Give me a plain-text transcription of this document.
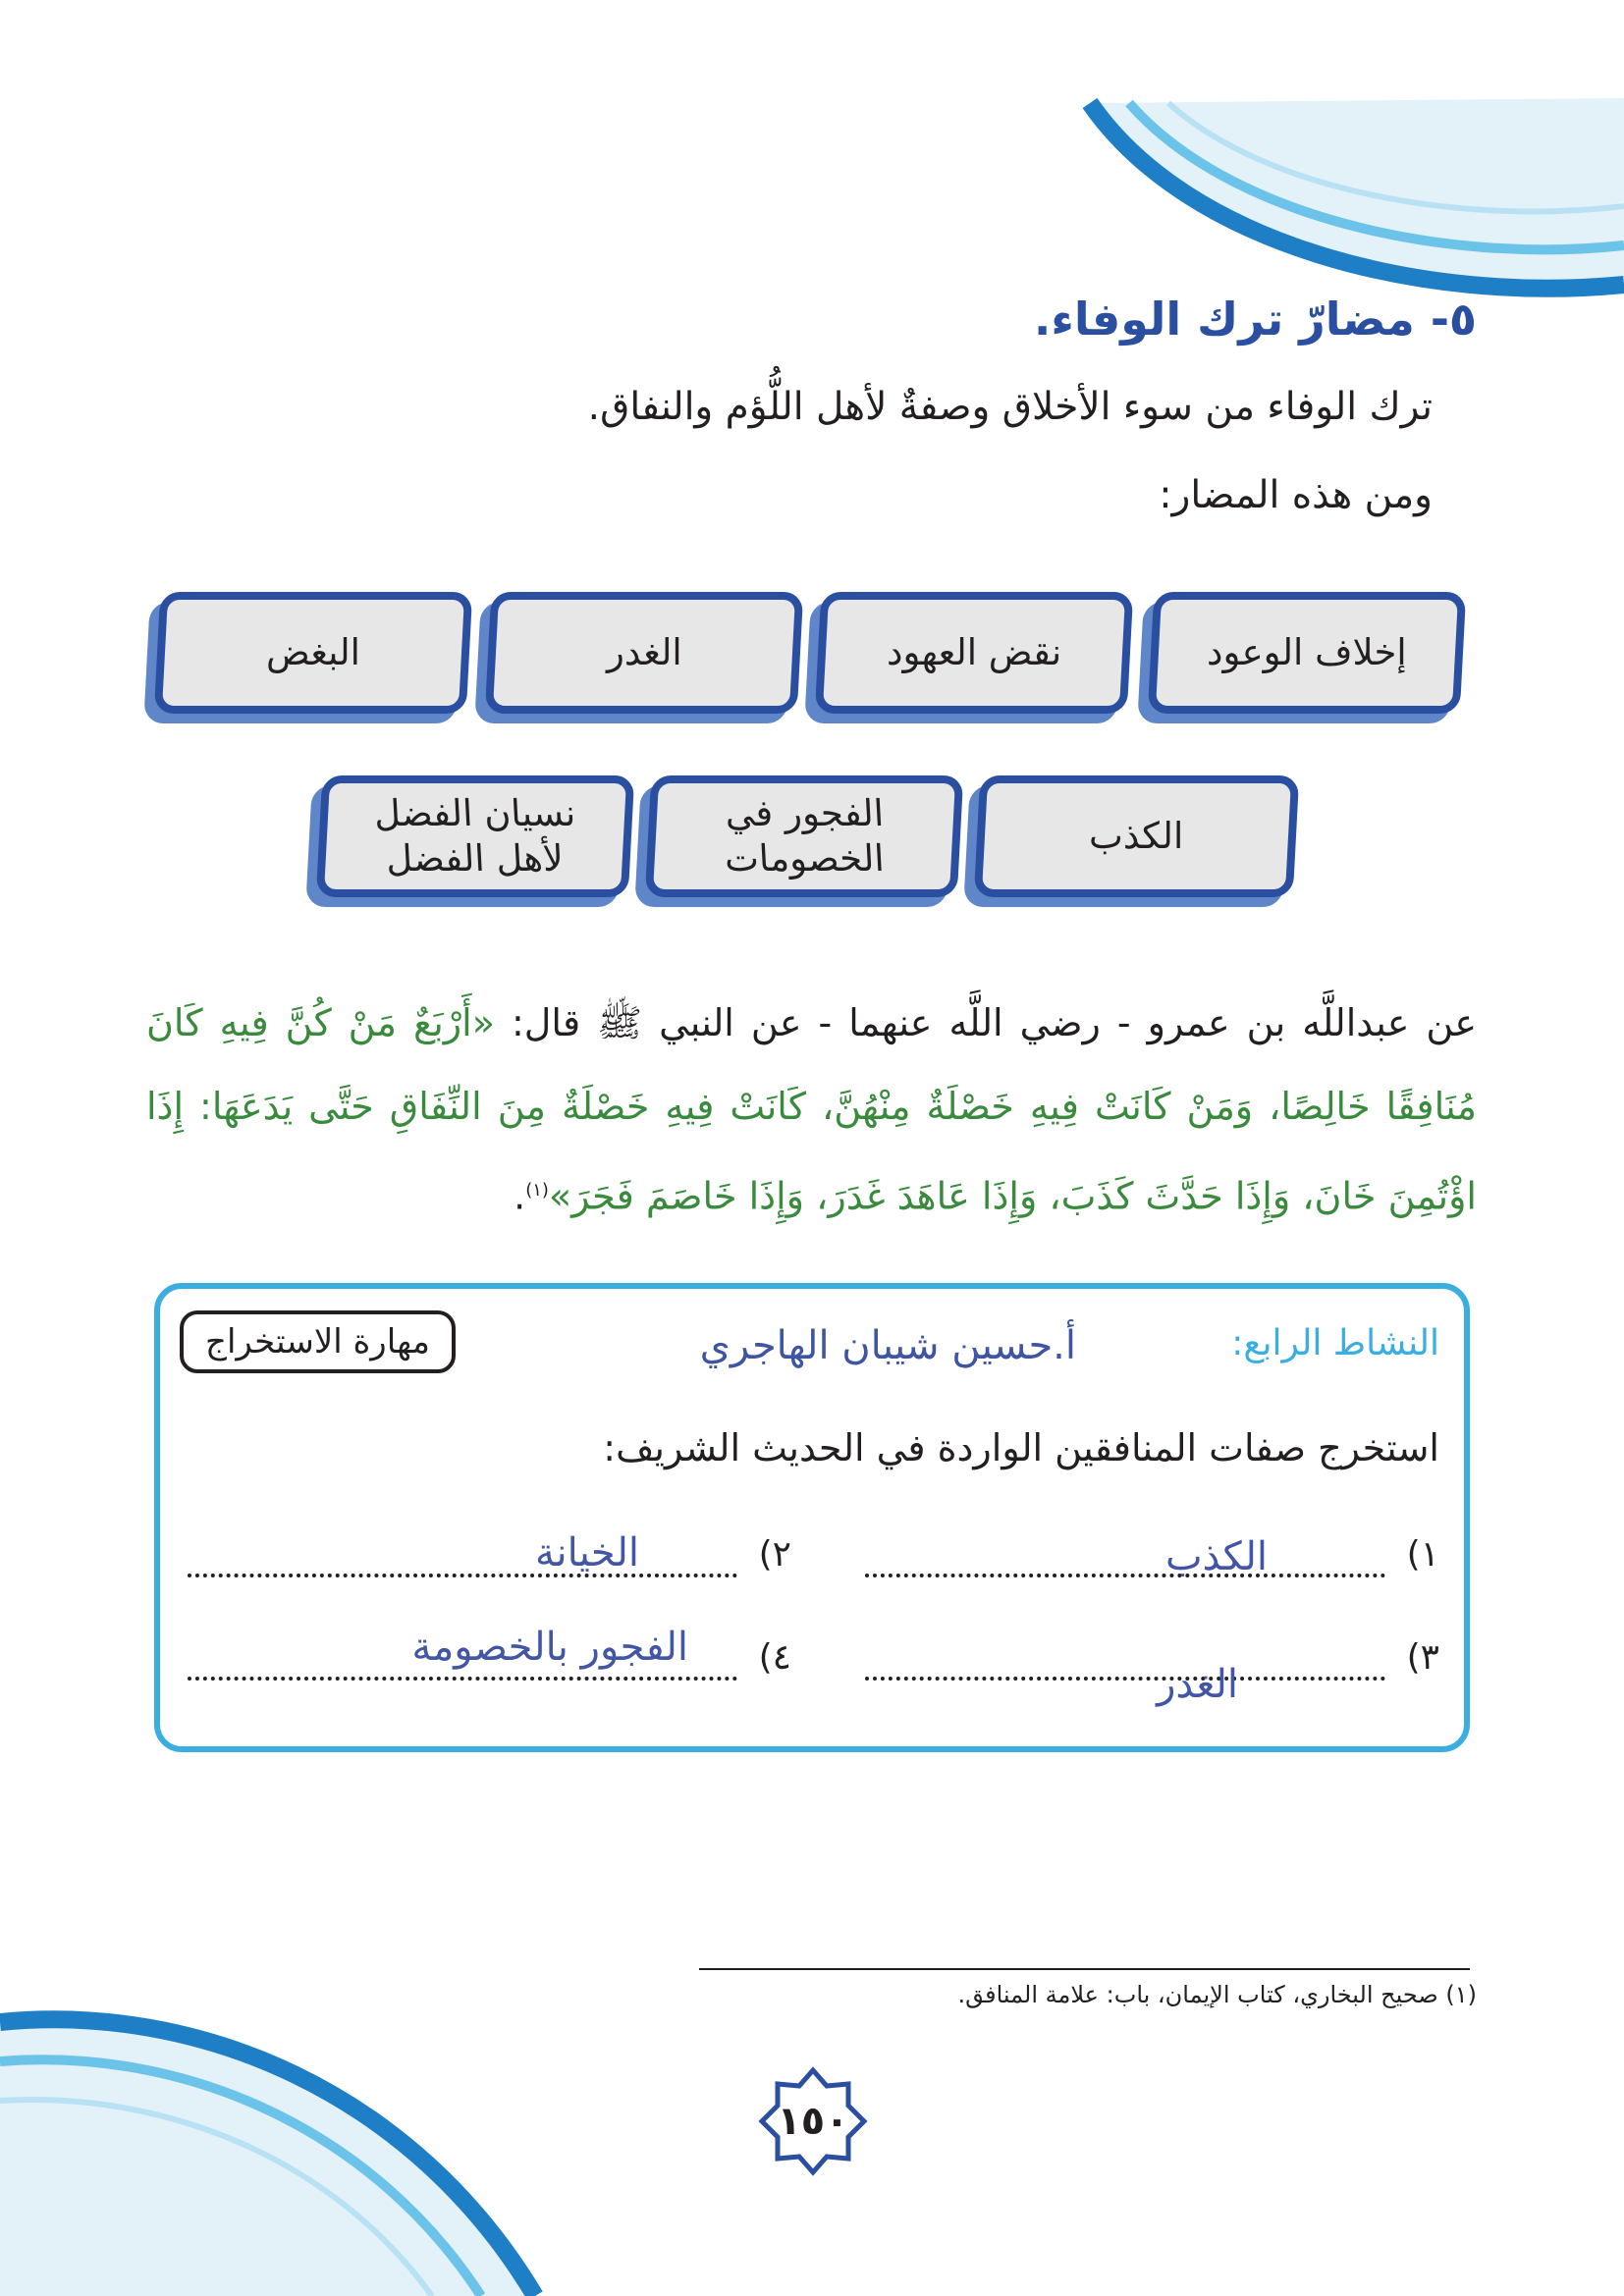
٥- مضارّ ترك الوفاء.

ترك الوفاء من سوء الأخلاق وصفةٌ لأهل اللُّؤم والنفاق.

ومن هذه المضار:

إخلاف الوعود
نقض العهود
الغدر
البغض
الكذب
الفجور في
الخصومات
نسيان الفضل
لأهل الفضل

عن عبداللَّه بن عمرو - رضي اللَّه عنهما - عن النبي ﷺ قال: «أَرْبَعٌ مَنْ كُنَّ فِيهِ كَانَ مُنَافِقًا خَالِصًا، وَمَنْ كَانَتْ فِيهِ خَصْلَةٌ مِنْهُنَّ، كَانَتْ فِيهِ خَصْلَةٌ مِنَ النِّفَاقِ حَتَّى يَدَعَهَا: إِذَا اؤْتُمِنَ خَانَ، وَإِذَا حَدَّثَ كَذَبَ، وَإِذَا عَاهَدَ غَدَرَ، وَإِذَا خَاصَمَ فَجَرَ»$^{(١)}$.

النشاط الرابع:
أ.حسين شيبان الهاجري
مهارة الاستخراج

استخرج صفات المنافقين الواردة في الحديث الشريف:

١)
الكذب
٢)
الخيانة
٣)
الغدر
٤)
الفجور بالخصومة

(١) صحيح البخاري، كتاب الإيمان، باب: علامة المنافق.

١٥٠
